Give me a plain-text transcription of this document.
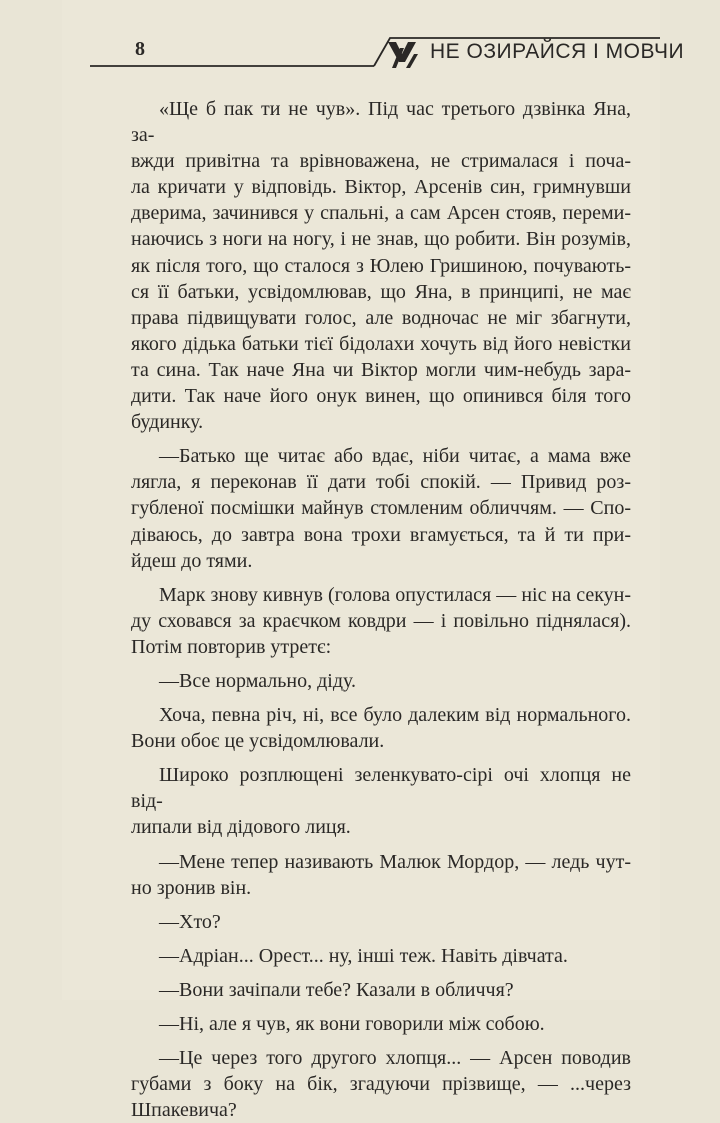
8	НЕ ОЗИРАЙСЯ І МОВЧИ

«Ще б пак ти не чув». Під час третього дзвінка Яна, за-
вжди привітна та врівноважена, не стрималася і поча-
ла кричати у відповідь. Віктор, Арсенів син, гримнувши
дверима, зачинився у спальні, а сам Арсен стояв, переми-
наючись з ноги на ногу, і не знав, що робити. Він розумів,
як після того, що сталося з Юлею Гришиною, почувають-
ся її батьки, усвідомлював, що Яна, в принципі, не має
права підвищувати голос, але водночас не міг збагнути,
якого дідька батьки тієї бідолахи хочуть від його невістки
та сина. Так наче Яна чи Віктор могли чим-небудь зара-
дити. Так наче його онук винен, що опинився біля того
будинку.

—Батько ще читає або вдає, ніби читає, а мама вже
лягла, я переконав її дати тобі спокій. — Привид роз-
губленої посмішки майнув стомленим обличчям. — Спо-
діваюсь, до завтра вона трохи вгамується, та й ти при-
йдеш до тями.

Марк знову кивнув (голова опустилася — ніс на секун-
ду сховався за краєчком ковдри — і повільно піднялася).
Потім повторив утретє:

—Все нормально, діду.

Хоча, певна річ, ні, все було далеким від нормального.
Вони обоє це усвідомлювали.

Широко розплющені зеленкувато-сірі очі хлопця не від-
липали від дідового лиця.

—Мене тепер називають Малюк Мордор, — ледь чут-
но зронив він.

—Хто?

—Адріан... Орест... ну, інші теж. Навіть дівчата.

—Вони зачіпали тебе? Казали в обличчя?

—Ні, але я чув, як вони говорили між собою.

—Це через того другого хлопця... — Арсен поводив
губами з боку на бік, згадуючи прізвище, — ...через
Шпакевича?
